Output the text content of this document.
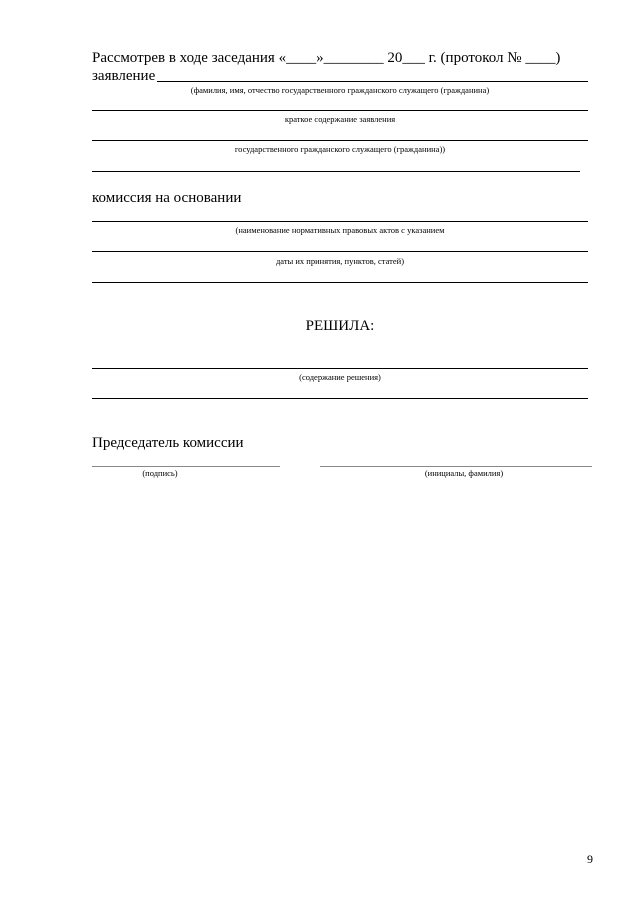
Рассмотрев в ходе заседания «____»________ 20___ г. (протокол № ____)
заявление
(фамилия, имя, отчество государственного гражданского служащего (гражданина)
краткое содержание заявления
государственного гражданского служащего (гражданина))
комиссия на основании
(наименование нормативных правовых актов с указанием
даты их принятия, пунктов, статей)
РЕШИЛА:
(содержание решения)
Председатель комиссии
(подпись)	(инициалы, фамилия)
9
